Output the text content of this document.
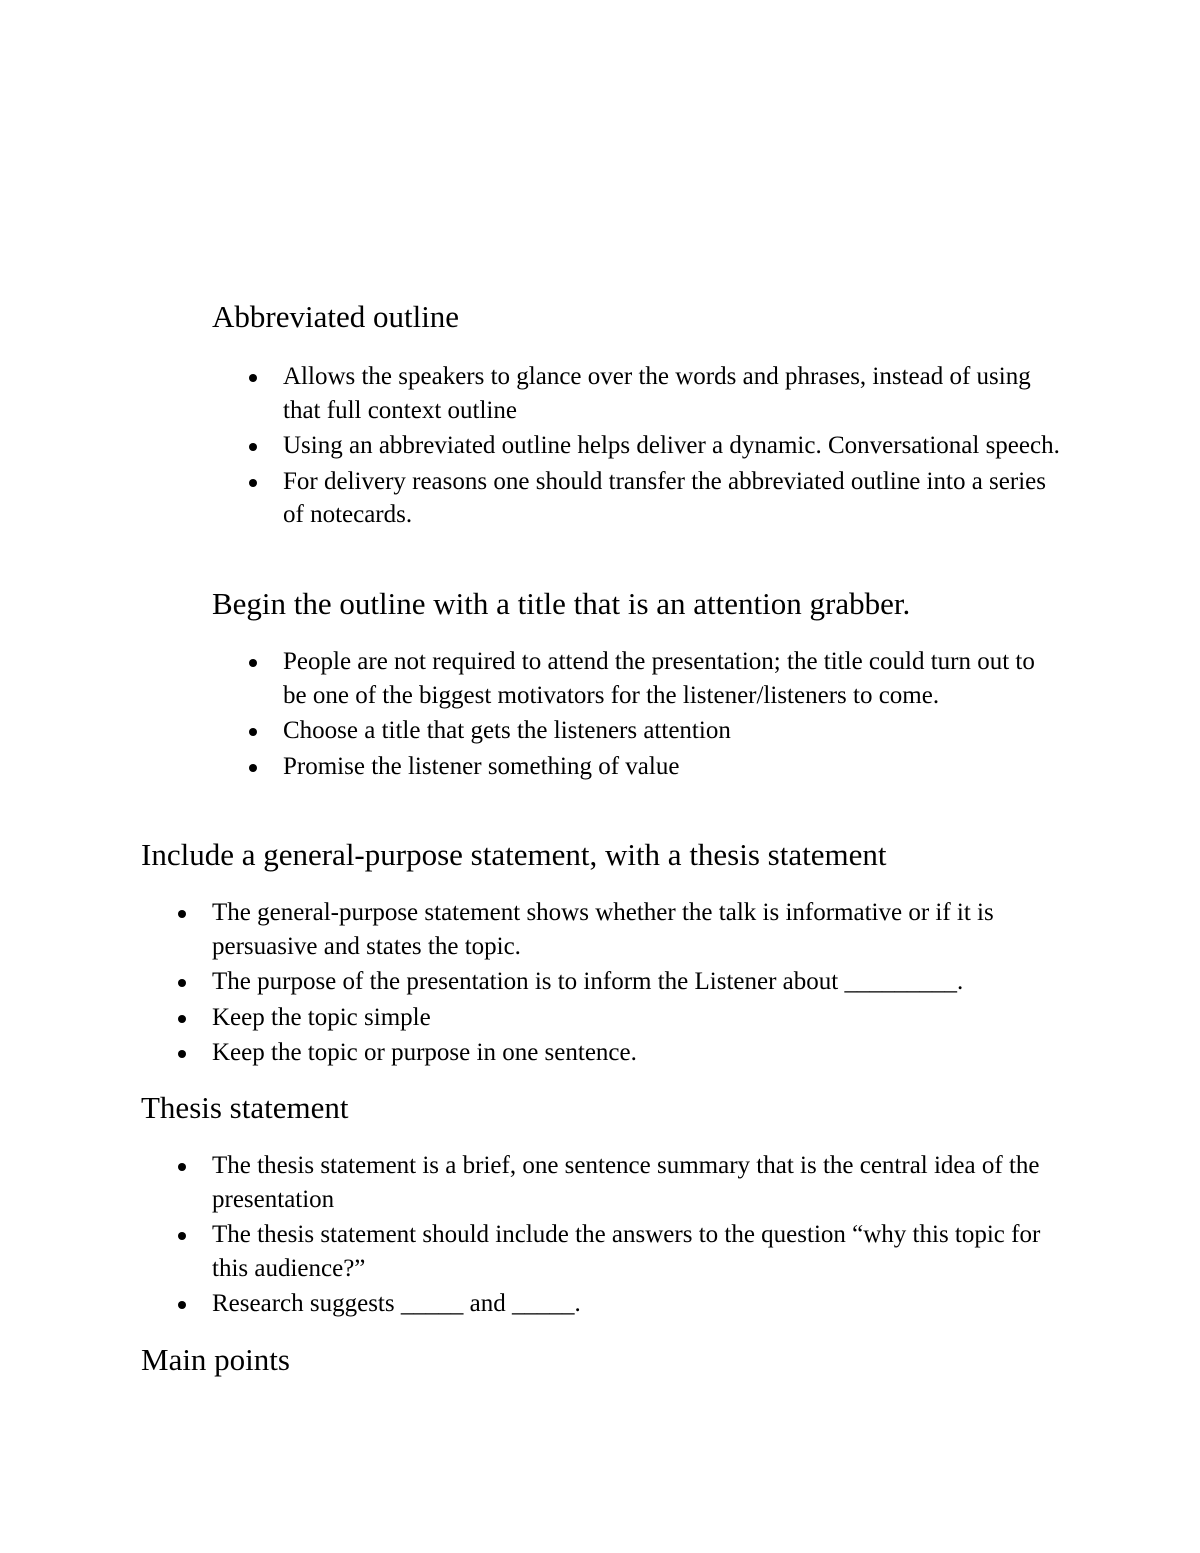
Abbreviated outline
Allows the speakers to glance over the words and phrases, instead of using that full context outline
Using an abbreviated outline helps deliver a dynamic. Conversational speech.
For delivery reasons one should transfer the abbreviated outline into a series of notecards.
Begin the outline with a title that is an attention grabber.
People are not required to attend the presentation; the title could turn out to be one of the biggest motivators for the listener/listeners to come.
Choose a title that gets the listeners attention
Promise the listener something of value
Include a general-purpose statement, with a thesis statement
The general-purpose statement shows whether the talk is informative or if it is persuasive and states the topic.
The purpose of the presentation is to inform the Listener about _________.
Keep the topic simple
Keep the topic or purpose in one sentence.
Thesis statement
The thesis statement is a brief, one sentence summary that is the central idea of the presentation
The thesis statement should include the answers to the question “why this topic for this audience?”
Research suggests _____ and _____.
Main points
